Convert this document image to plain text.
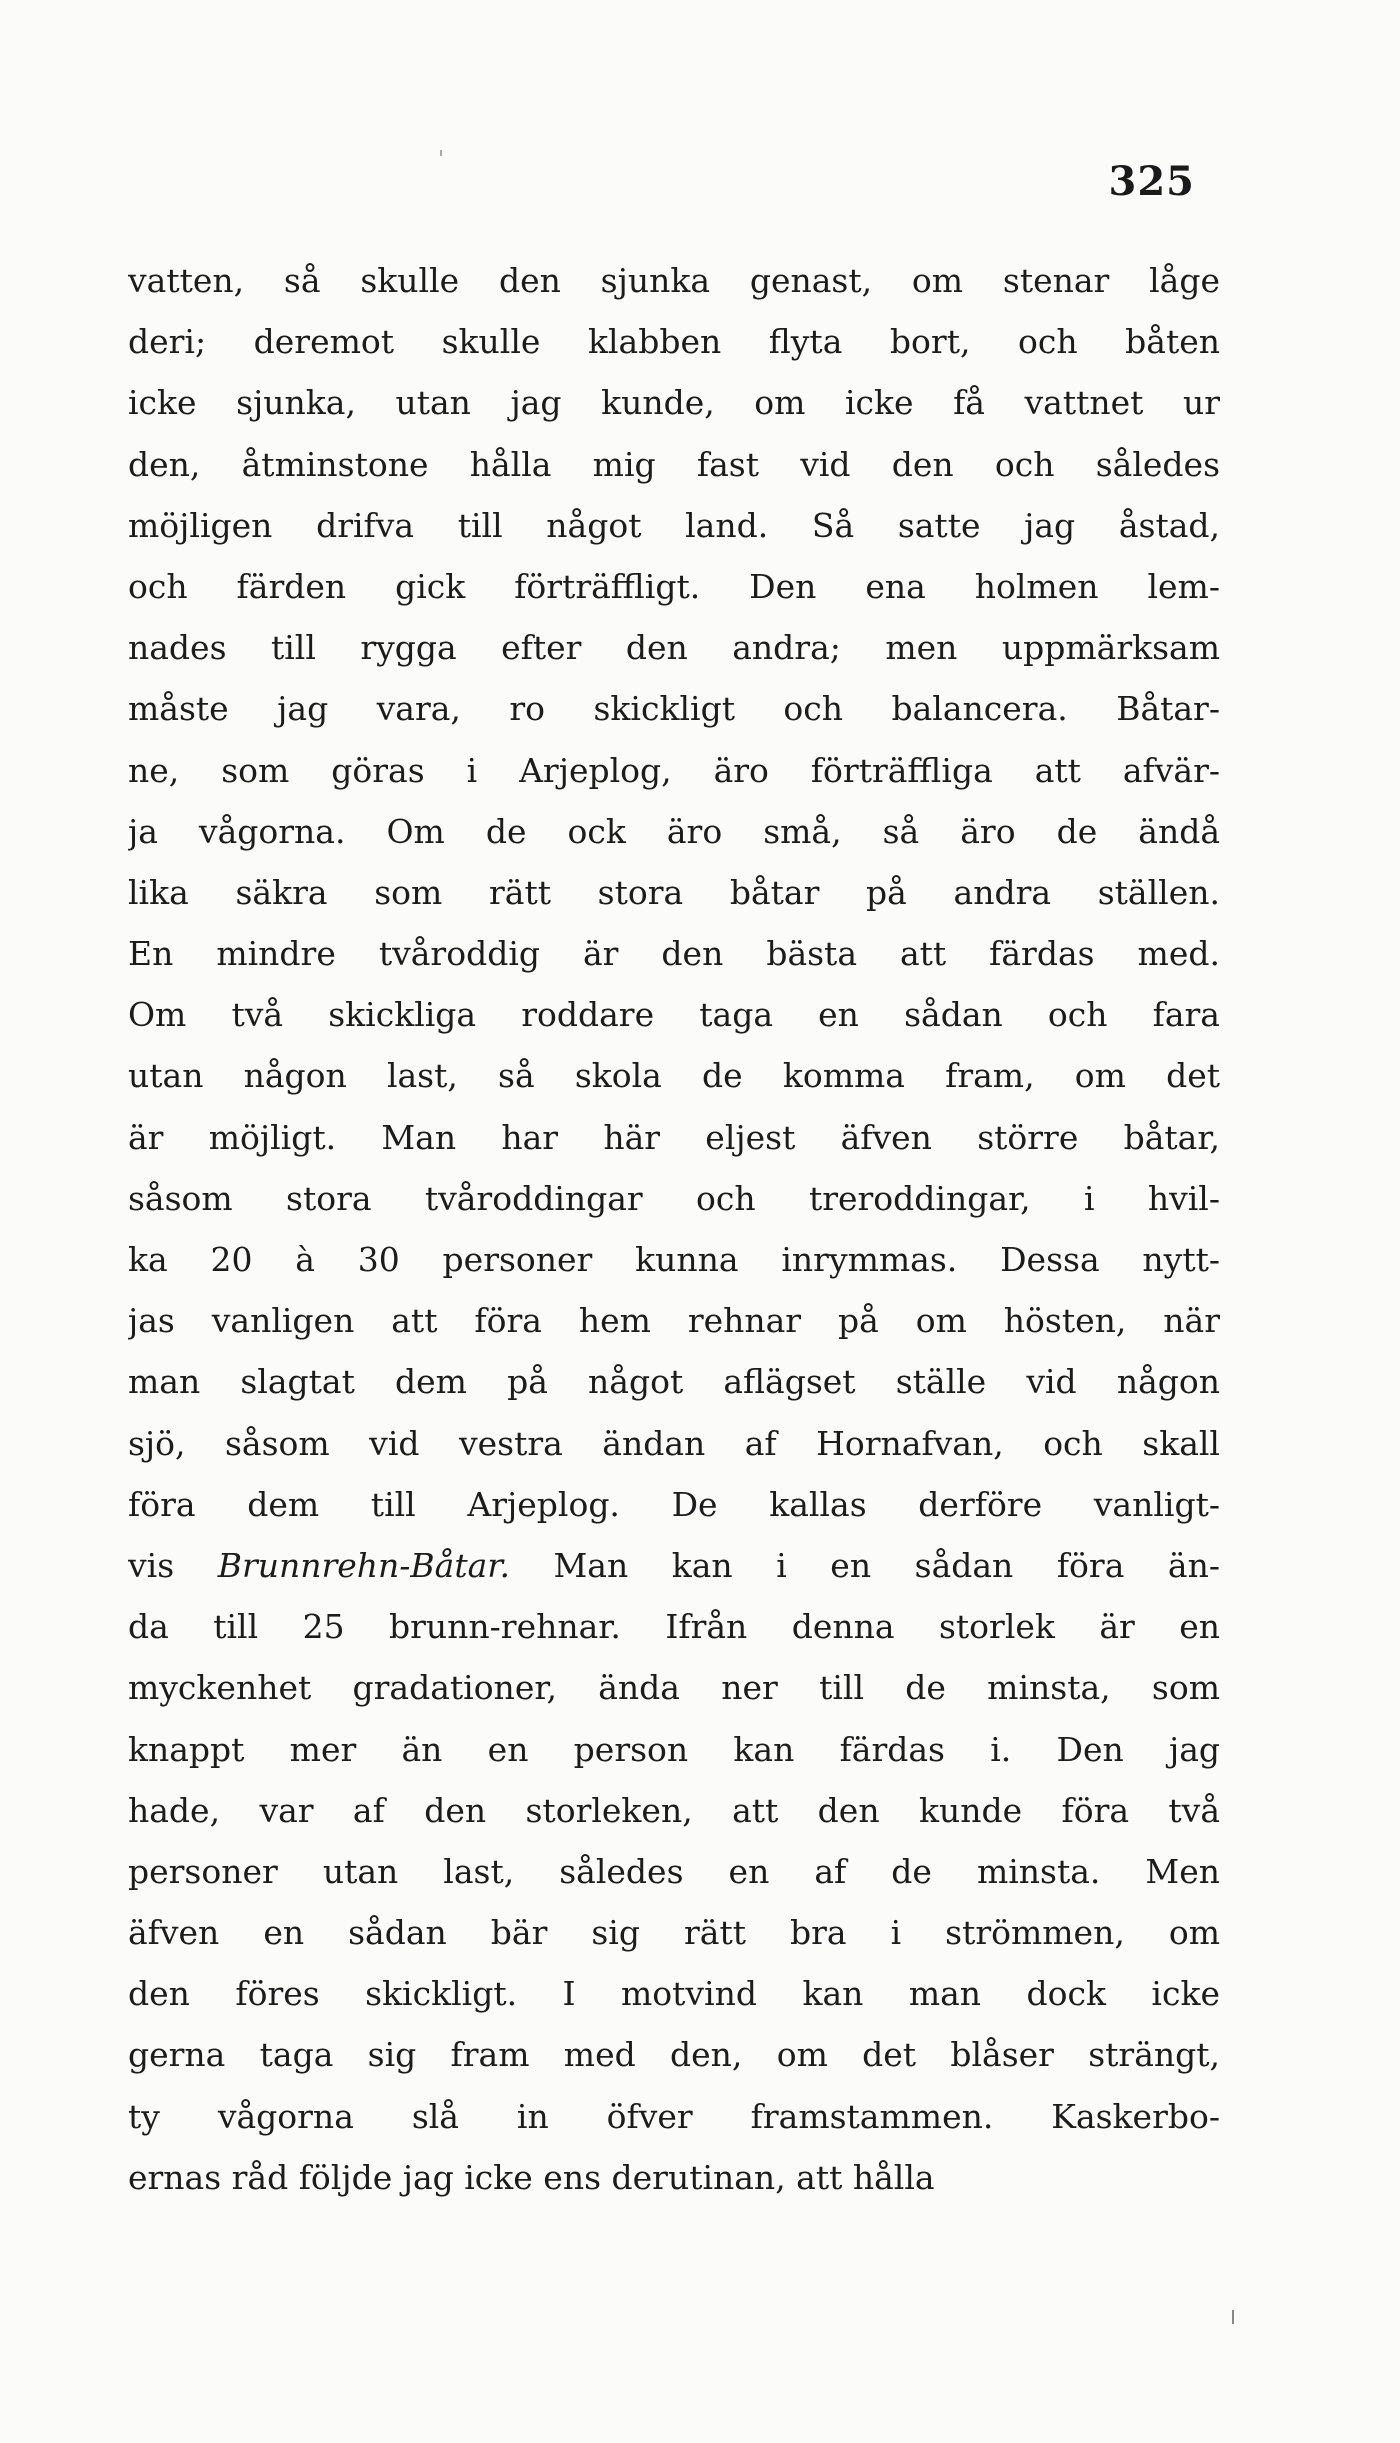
325
vatten, så skulle den sjunka genast, om stenar låge
deri; deremot skulle klabben flyta bort, och båten
icke sjunka, utan jag kunde, om icke få vattnet ur
den, åtminstone hålla mig fast vid den och således
möjligen drifva till något land. Så satte jag åstad,
och färden gick förträffligt. Den ena holmen lem-
nades till rygga efter den andra; men uppmärksam
måste jag vara, ro skickligt och balancera. Båtar-
ne, som göras i Arjeplog, äro förträffliga att afvär-
ja vågorna. Om de ock äro små, så äro de ändå
lika säkra som rätt stora båtar på andra ställen.
En mindre tvåroddig är den bästa att färdas med.
Om två skickliga roddare taga en sådan och fara
utan någon last, så skola de komma fram, om det
är möjligt. Man har här eljest äfven större båtar,
såsom stora tvåroddingar och treroddingar, i hvil-
ka 20 à 30 personer kunna inrymmas. Dessa nytt-
jas vanligen att föra hem rehnar på om hösten, när
man slagtat dem på något aflägset ställe vid någon
sjö, såsom vid vestra ändan af Hornafvan, och skall
föra dem till Arjeplog. De kallas derföre vanligt-
vis Brunnrehn-Båtar. Man kan i en sådan föra än-
da till 25 brunn-rehnar. Ifrån denna storlek är en
myckenhet gradationer, ända ner till de minsta, som
knappt mer än en person kan färdas i. Den jag
hade, var af den storleken, att den kunde föra två
personer utan last, således en af de minsta. Men
äfven en sådan bär sig rätt bra i strömmen, om
den föres skickligt. I motvind kan man dock icke
gerna taga sig fram med den, om det blåser strängt,
ty vågorna slå in öfver framstammen. Kaskerbo-
ernas råd följde jag icke ens derutinan, att hålla
